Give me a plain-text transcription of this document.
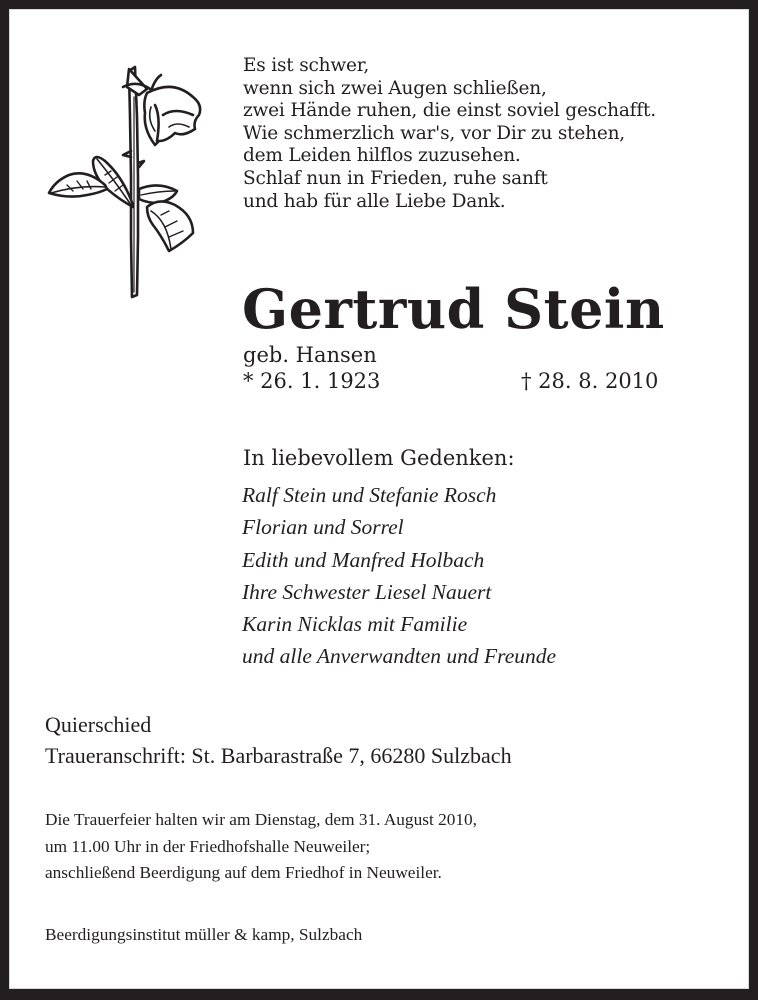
Es ist schwer,
wenn sich zwei Augen schließen,
zwei Hände ruhen, die einst soviel geschafft.
Wie schmerzlich war's, vor Dir zu stehen,
dem Leiden hilflos zuzusehen.
Schlaf nun in Frieden, ruhe sanft
und hab für alle Liebe Dank.
Gertrud Stein
geb. Hansen
* 26. 1. 1923	† 28. 8. 2010
In liebevollem Gedenken:
Ralf Stein und Stefanie Rosch
Florian und Sorrel
Edith und Manfred Holbach
Ihre Schwester Liesel Nauert
Karin Nicklas mit Familie
und alle Anverwandten und Freunde
Quierschied
Traueranschrift: St. Barbarastraße 7, 66280 Sulzbach
Die Trauerfeier halten wir am Dienstag, dem 31. August 2010,
um 11.00 Uhr in der Friedhofshalle Neuweiler;
anschließend Beerdigung auf dem Friedhof in Neuweiler.
Beerdigungsinstitut müller & kamp, Sulzbach
